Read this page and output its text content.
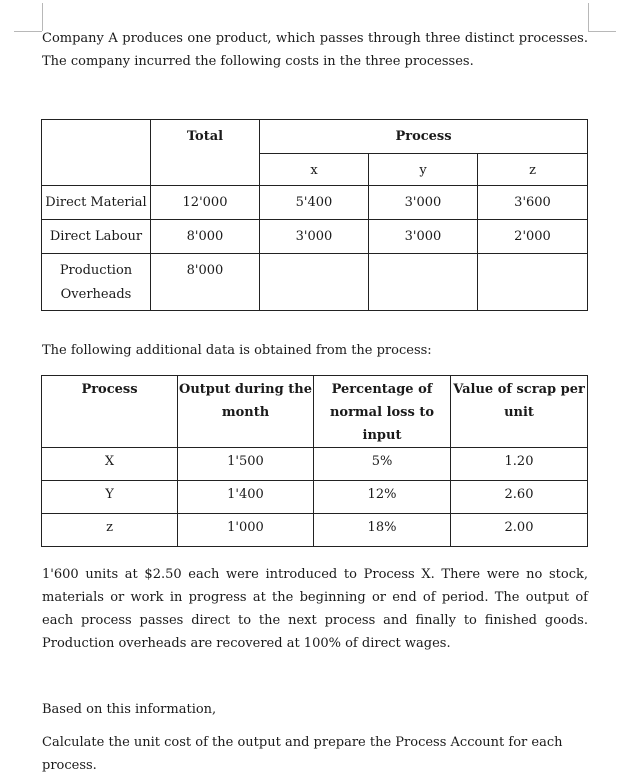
Company A produces one product, which passes through three distinct processes. The company incurred the following costs in the three processes.

	Total	Process		
		x	y	z
Direct Material	12'000	5'400	3'000	3'600
Direct Labour	8'000	3'000	3'000	2'000
Production Overheads	8'000			

The following additional data is obtained from the process:

Process	Output during the month	Percentage of normal loss to input	Value of scrap per unit
X	1'500	5%	1.20
Y	1'400	12%	2.60
z	1'000	18%	2.00

1'600 units at $2.50 each were introduced to Process X. There were no stock, materials or work in progress at the beginning or end of period. The output of each process passes direct to the next process and finally to finished goods. Production overheads are recovered at 100% of direct wages.

Based on this information,

Calculate the unit cost of the output and prepare the Process Account for each process.
